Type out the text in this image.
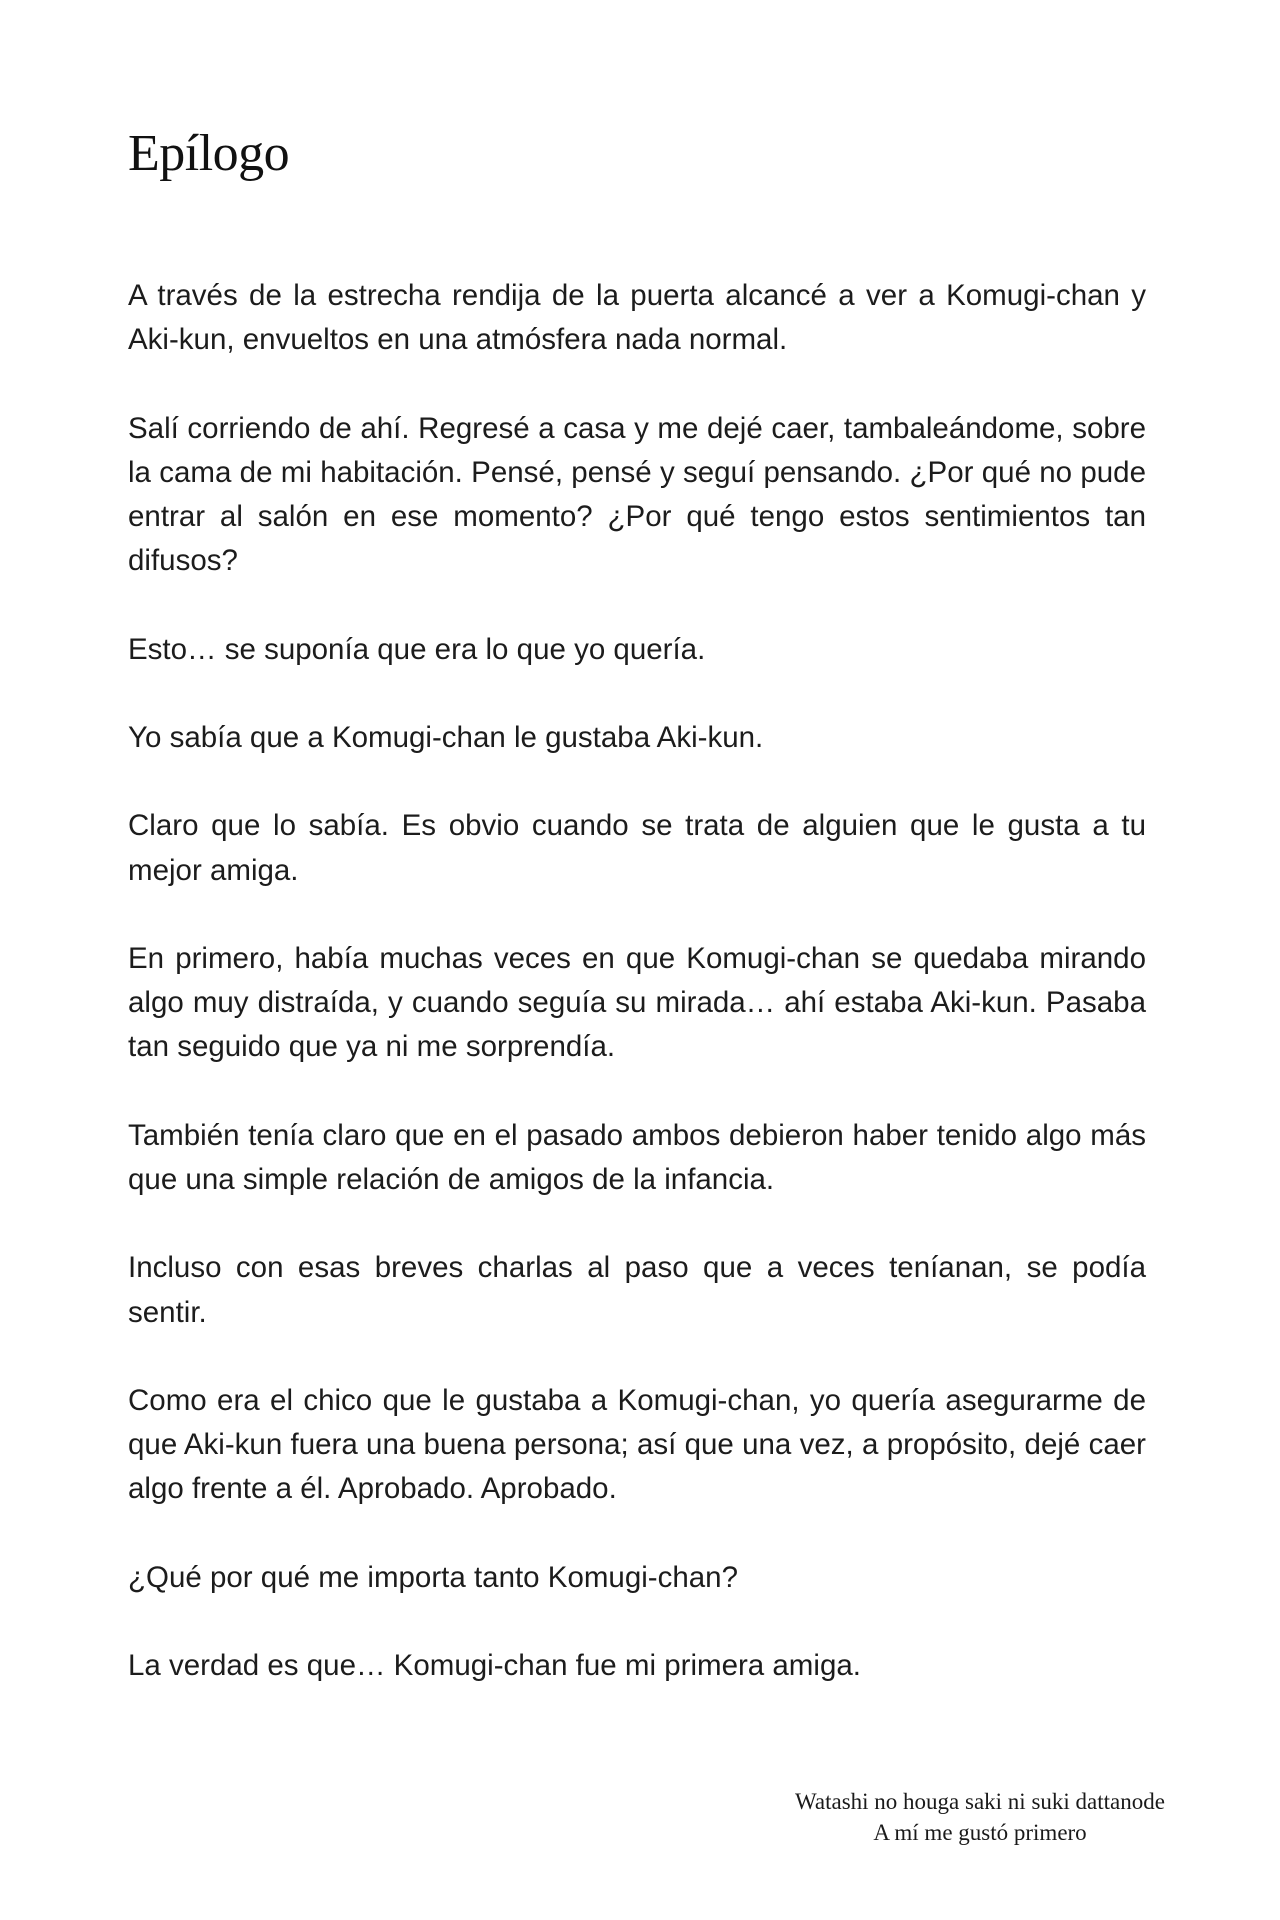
Epílogo

A través de la estrecha rendija de la puerta alcancé a ver a Komugi-chan y Aki-kun, envueltos en una atmósfera nada normal.

Salí corriendo de ahí. Regresé a casa y me dejé caer, tambaleándome, sobre la cama de mi habitación. Pensé, pensé y seguí pensando. ¿Por qué no pude entrar al salón en ese momento? ¿Por qué tengo estos sentimientos tan difusos?

Esto… se suponía que era lo que yo quería.

Yo sabía que a Komugi-chan le gustaba Aki-kun.

Claro que lo sabía. Es obvio cuando se trata de alguien que le gusta a tu mejor amiga.

En primero, había muchas veces en que Komugi-chan se quedaba mirando algo muy distraída, y cuando seguía su mirada… ahí estaba Aki-kun. Pasaba tan seguido que ya ni me sorprendía.

También tenía claro que en el pasado ambos debieron haber tenido algo más que una simple relación de amigos de la infancia.

Incluso con esas breves charlas al paso que a veces teníanan, se podía sentir.

Como era el chico que le gustaba a Komugi-chan, yo quería asegurarme de que Aki-kun fuera una buena persona; así que una vez, a propósito, dejé caer algo frente a él. Aprobado. Aprobado.

¿Qué por qué me importa tanto Komugi-chan?

La verdad es que… Komugi-chan fue mi primera amiga.

Watashi no houga saki ni suki dattanode
A mí me gustó primero
